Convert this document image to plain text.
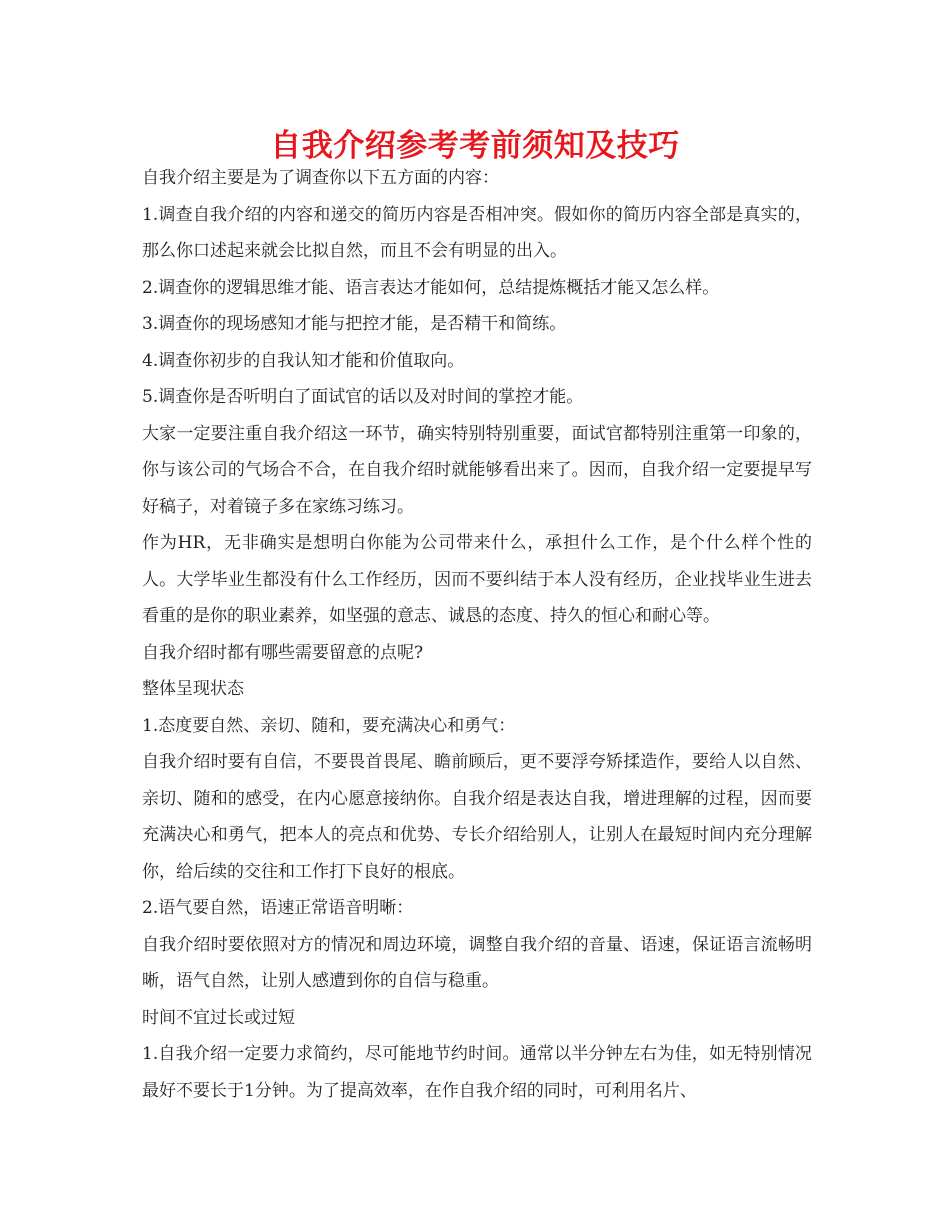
自我介绍参考考前须知及技巧

自我介绍主要是为了调查你以下五方面的内容：

1.调查自我介绍的内容和递交的简历内容是否相冲突。假如你的简历内容全部是真实的，那么你口述起来就会比拟自然，而且不会有明显的出入。

2.调查你的逻辑思维才能、语言表达才能如何，总结提炼概括才能又怎么样。

3.调查你的现场感知才能与把控才能，是否精干和简练。

4.调查你初步的自我认知才能和价值取向。

5.调查你是否听明白了面试官的话以及对时间的掌控才能。

大家一定要注重自我介绍这一环节，确实特别特别重要，面试官都特别注重第一印象的，你与该公司的气场合不合，在自我介绍时就能够看出来了。因而，自我介绍一定要提早写好稿子，对着镜子多在家练习练习。

作为HR，无非确实是想明白你能为公司带来什么，承担什么工作，是个什么样个性的人。大学毕业生都没有什么工作经历，因而不要纠结于本人没有经历，企业找毕业生进去看重的是你的职业素养，如坚强的意志、诚恳的态度、持久的恒心和耐心等。

自我介绍时都有哪些需要留意的点呢?

整体呈现状态

1.态度要自然、亲切、随和，要充满决心和勇气：

自我介绍时要有自信，不要畏首畏尾、瞻前顾后，更不要浮夸矫揉造作，要给人以自然、亲切、随和的感受，在内心愿意接纳你。自我介绍是表达自我，增进理解的过程，因而要充满决心和勇气，把本人的亮点和优势、专长介绍给别人，让别人在最短时间内充分理解你，给后续的交往和工作打下良好的根底。

2.语气要自然，语速正常语音明晰：

自我介绍时要依照对方的情况和周边环境，调整自我介绍的音量、语速，保证语言流畅明晰，语气自然，让别人感遭到你的自信与稳重。

时间不宜过长或过短

1.自我介绍一定要力求简约，尽可能地节约时间。通常以半分钟左右为佳，如无特别情况最好不要长于1分钟。为了提高效率，在作自我介绍的同时，可利用名片、
